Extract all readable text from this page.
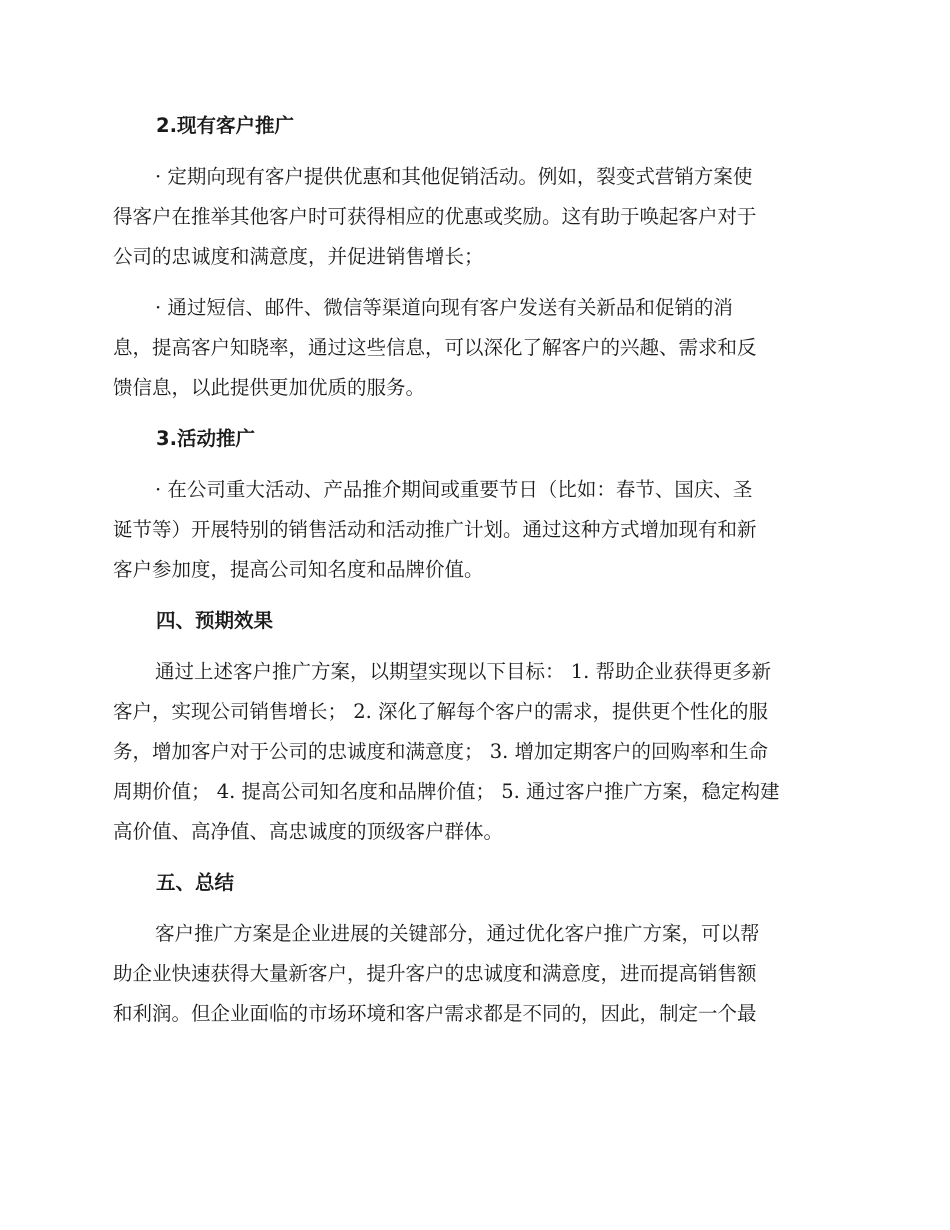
2.现有客户推广
· 定期向现有客户提供优惠和其他促销活动。例如，裂变式营销方案使
得客户在推举其他客户时可获得相应的优惠或奖励。这有助于唤起客户对于
公司的忠诚度和满意度，并促进销售增长；
· 通过短信、邮件、微信等渠道向现有客户发送有关新品和促销的消
息，提高客户知晓率，通过这些信息，可以深化了解客户的兴趣、需求和反
馈信息，以此提供更加优质的服务。
3.活动推广
· 在公司重大活动、产品推介期间或重要节日（比如：春节、国庆、圣
诞节等）开展特别的销售活动和活动推广计划。通过这种方式增加现有和新
客户参加度，提高公司知名度和品牌价值。
四、预期效果
通过上述客户推广方案，以期望实现以下目标： 1. 帮助企业获得更多新
客户，实现公司销售增长； 2. 深化了解每个客户的需求，提供更个性化的服
务，增加客户对于公司的忠诚度和满意度； 3. 增加定期客户的回购率和生命
周期价值； 4. 提高公司知名度和品牌价值； 5. 通过客户推广方案，稳定构建
高价值、高净值、高忠诚度的顶级客户群体。
五、总结
客户推广方案是企业进展的关键部分，通过优化客户推广方案，可以帮
助企业快速获得大量新客户，提升客户的忠诚度和满意度，进而提高销售额
和利润。但企业面临的市场环境和客户需求都是不同的，因此，制定一个最
